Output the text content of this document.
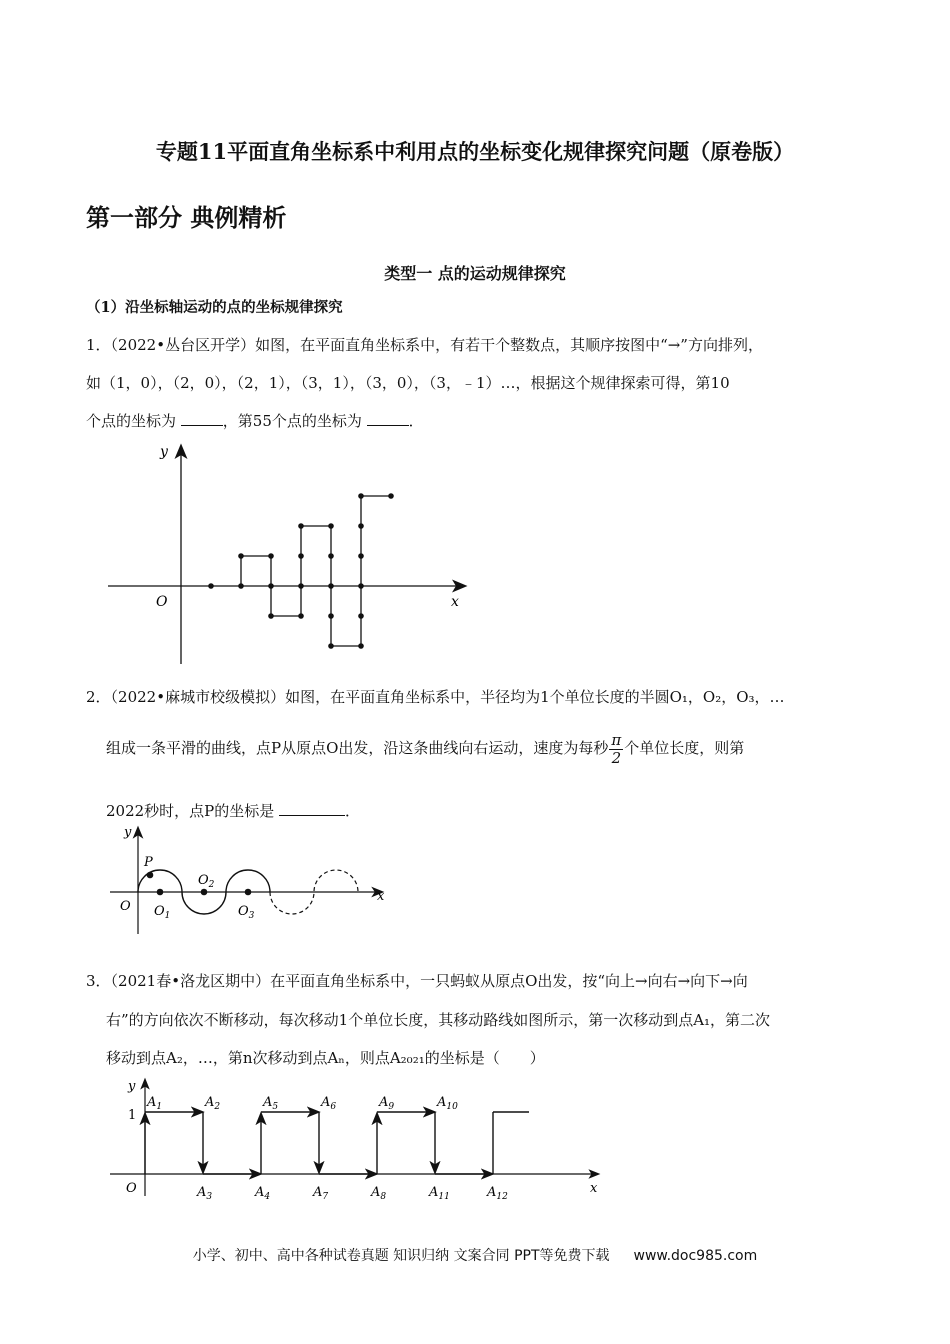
专题11平面直角坐标系中利用点的坐标变化规律探究问题（原卷版）
第一部分 典例精析
类型一 点的运动规律探究
（1）沿坐标轴运动的点的坐标规律探究
1．（2022•丛台区开学）如图，在平面直角坐标系中，有若干个整数点，其顺序按图中“→”方向排列，
如（1，0），（2，0），（2，1），（3，1），（3，0），（3，﹣1）…，根据这个规律探索可得，第10
个点的坐标为	，第55个点的坐标为	．
y
x
O
2．（2022•麻城市校级模拟）如图，在平面直角坐标系中，半径均为1个单位长度的半圆O₁，O₂，O₃，…
组成一条平滑的曲线，点P从原点O出发，沿这条曲线向右运动，速度为每秒 $\frac{\pi}{2}$ 个单位长度，则第
2022秒时，点P的坐标是	．
y
x
O
P
$O_1$
$O_2$
$O_3$
3．（2021春•洛龙区期中）在平面直角坐标系中，一只蚂蚁从原点O出发，按“向上→向右→向下→向
右”的方向依次不断移动，每次移动1个单位长度，其移动路线如图所示，第一次移动到点A₁，第二次
移动到点A₂，…，第n次移动到点Aₙ，则点A₂₀₂₁的坐标是（　　）
y
x
O
1
$A_1$	$A_2$
$A_3$	$A_4$
$A_5$	$A_6$
$A_7$	$A_8$
$A_9$	$A_{10}$
$A_{11}$	$A_{12}$
小学、初中、高中各种试卷真题 知识归纳 文案合同 PPT等免费下载 www.doc985.com
